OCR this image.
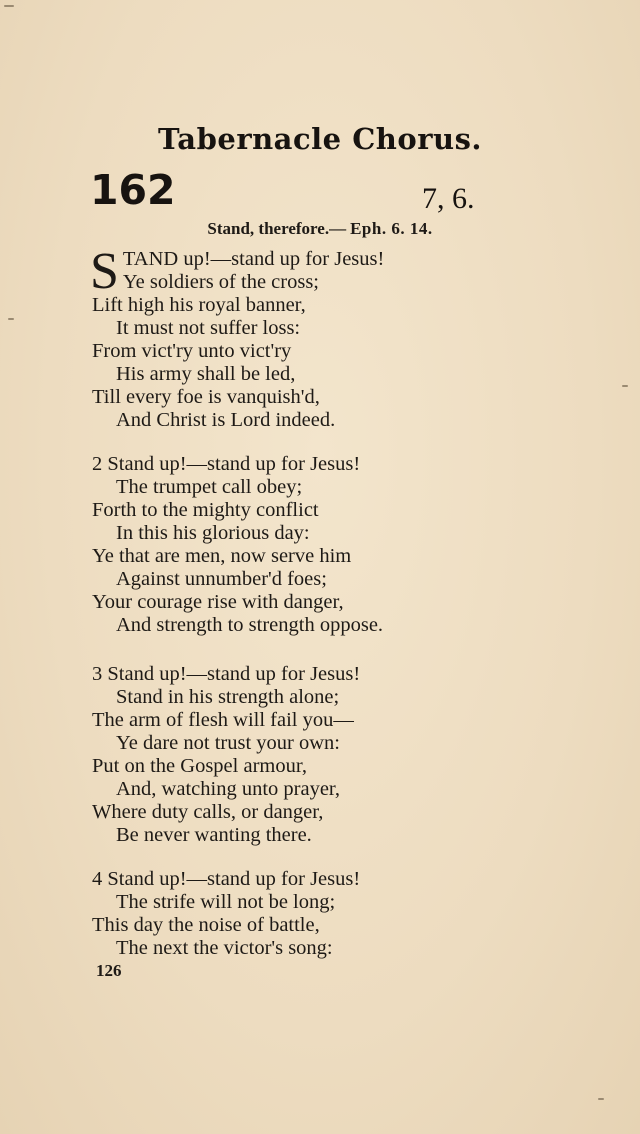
Tabernacle Chorus.
162	7, 6.
Stand, therefore.— Eph. 6. 14.
S TAND up!—stand up for Jesus!
Ye soldiers of the cross;
Lift high his royal banner,
It must not suffer loss:
From vict'ry unto vict'ry
His army shall be led,
Till every foe is vanquish'd,
And Christ is Lord indeed.
2 Stand up!—stand up for Jesus!
The trumpet call obey;
Forth to the mighty conflict
In this his glorious day:
Ye that are men, now serve him
Against unnumber'd foes;
Your courage rise with danger,
And strength to strength oppose.
3 Stand up!—stand up for Jesus!
Stand in his strength alone;
The arm of flesh will fail you—
Ye dare not trust your own:
Put on the Gospel armour,
And, watching unto prayer,
Where duty calls, or danger,
Be never wanting there.
4 Stand up!—stand up for Jesus!
The strife will not be long;
This day the noise of battle,
The next the victor's song:
126
